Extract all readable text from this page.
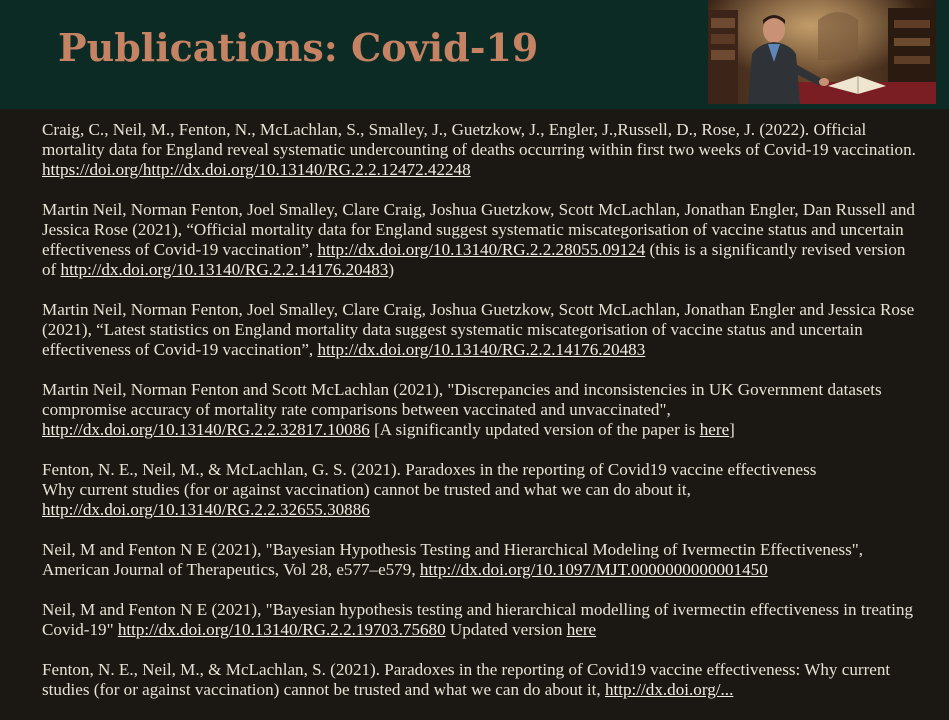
Publications: Covid-19

Craig, C., Neil, M., Fenton, N., McLachlan, S., Smalley, J., Guetzkow, J., Engler, J.,Russell, D., Rose, J. (2022). Official mortality data for England reveal systematic undercounting of deaths occurring within first two weeks of Covid-19 vaccination. https://doi.org/http://dx.doi.org/10.13140/RG.2.2.12472.42248

Martin Neil, Norman Fenton, Joel Smalley, Clare Craig, Joshua Guetzkow, Scott McLachlan, Jonathan Engler, Dan Russell and Jessica Rose (2021), “Official mortality data for England suggest systematic miscategorisation of vaccine status and uncertain effectiveness of Covid-19 vaccination”, http://dx.doi.org/10.13140/RG.2.2.28055.09124 (this is a significantly revised version of http://dx.doi.org/10.13140/RG.2.2.14176.20483)

Martin Neil, Norman Fenton, Joel Smalley, Clare Craig, Joshua Guetzkow, Scott McLachlan, Jonathan Engler and Jessica Rose (2021), “Latest statistics on England mortality data suggest systematic miscategorisation of vaccine status and uncertain effectiveness of Covid-19 vaccination”, http://dx.doi.org/10.13140/RG.2.2.14176.20483

Martin Neil, Norman Fenton and Scott McLachlan (2021), "Discrepancies and inconsistencies in UK Government datasets compromise accuracy of mortality rate comparisons between vaccinated and unvaccinated", http://dx.doi.org/10.13140/RG.2.2.32817.10086 [A significantly updated version of the paper is here]

Fenton, N. E., Neil, M., & McLachlan, G. S. (2021). Paradoxes in the reporting of Covid19 vaccine effectiveness
Why current studies (for or against vaccination) cannot be trusted and what we can do about it,
http://dx.doi.org/10.13140/RG.2.2.32655.30886

Neil, M and Fenton N E (2021), "Bayesian Hypothesis Testing and Hierarchical Modeling of Ivermectin Effectiveness", American Journal of Therapeutics, Vol 28, e577–e579, http://dx.doi.org/10.1097/MJT.0000000000001450

Neil, M and Fenton N E (2021), "Bayesian hypothesis testing and hierarchical modelling of ivermectin effectiveness in treating Covid-19" http://dx.doi.org/10.13140/RG.2.2.19703.75680 Updated version here

Fenton, N. E., Neil, M., & McLachlan, S. (2021). Paradoxes in the reporting of Covid19 vaccine effectiveness: Why current studies (for or against vaccination) cannot be trusted and what we can do about it, http://dx.doi.org/...
